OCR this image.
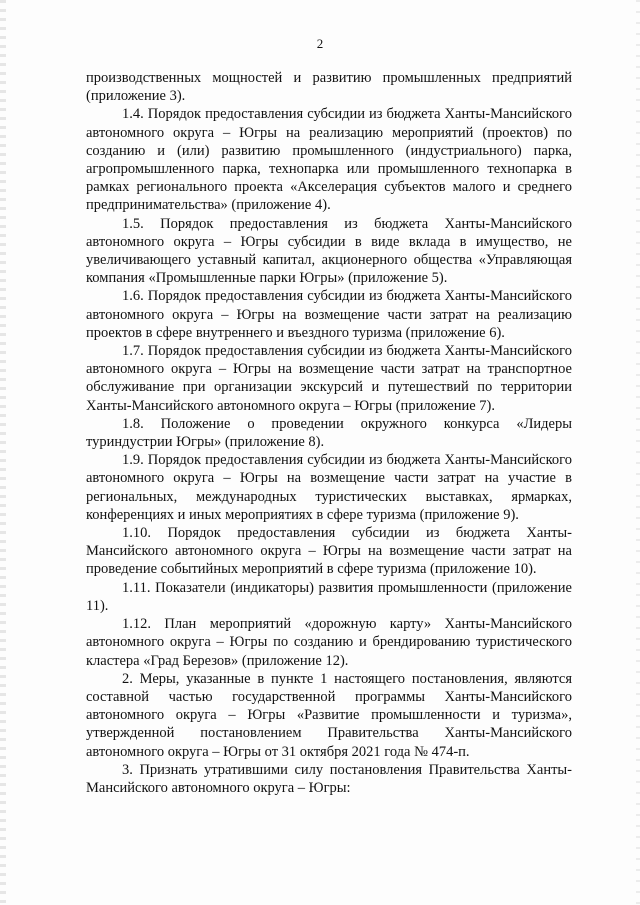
2

производственных мощностей и развитию промышленных предприятий (приложение 3).

1.4. Порядок предоставления субсидии из бюджета Ханты-Мансийского автономного округа – Югры на реализацию мероприятий (проектов) по созданию и (или) развитию промышленного (индустриального) парка, агропромышленного парка, технопарка или промышленного технопарка в рамках регионального проекта «Акселерация субъектов малого и среднего предпринимательства» (приложение 4).

1.5. Порядок предоставления из бюджета Ханты-Мансийского автономного округа – Югры субсидии в виде вклада в имущество, не увеличивающего уставный капитал, акционерного общества «Управляющая компания «Промышленные парки Югры» (приложение 5).

1.6. Порядок предоставления субсидии из бюджета Ханты-Мансийского автономного округа – Югры на возмещение части затрат на реализацию проектов в сфере внутреннего и въездного туризма (приложение 6).

1.7. Порядок предоставления субсидии из бюджета Ханты-Мансийского автономного округа – Югры на возмещение части затрат на транспортное обслуживание при организации экскурсий и путешествий по территории Ханты-Мансийского автономного округа – Югры (приложение 7).

1.8. Положение о проведении окружного конкурса «Лидеры туриндустрии Югры» (приложение 8).

1.9. Порядок предоставления субсидии из бюджета Ханты-Мансийского автономного округа – Югры на возмещение части затрат на участие в региональных, международных туристических выставках, ярмарках, конференциях и иных мероприятиях в сфере туризма (приложение 9).

1.10. Порядок предоставления субсидии из бюджета Ханты-Мансийского автономного округа – Югры на возмещение части затрат на проведение событийных мероприятий в сфере туризма (приложение 10).

1.11. Показатели (индикаторы) развития промышленности (приложение 11).

1.12. План мероприятий «дорожную карту» Ханты-Мансийского автономного округа – Югры по созданию и брендированию туристического кластера «Град Березов» (приложение 12).

2. Меры, указанные в пункте 1 настоящего постановления, являются составной частью государственной программы Ханты-Мансийского автономного округа – Югры «Развитие промышленности и туризма», утвержденной постановлением Правительства Ханты-Мансийского автономного округа – Югры от 31 октября 2021 года № 474-п.

3. Признать утратившими силу постановления Правительства Ханты-Мансийского автономного округа – Югры:
